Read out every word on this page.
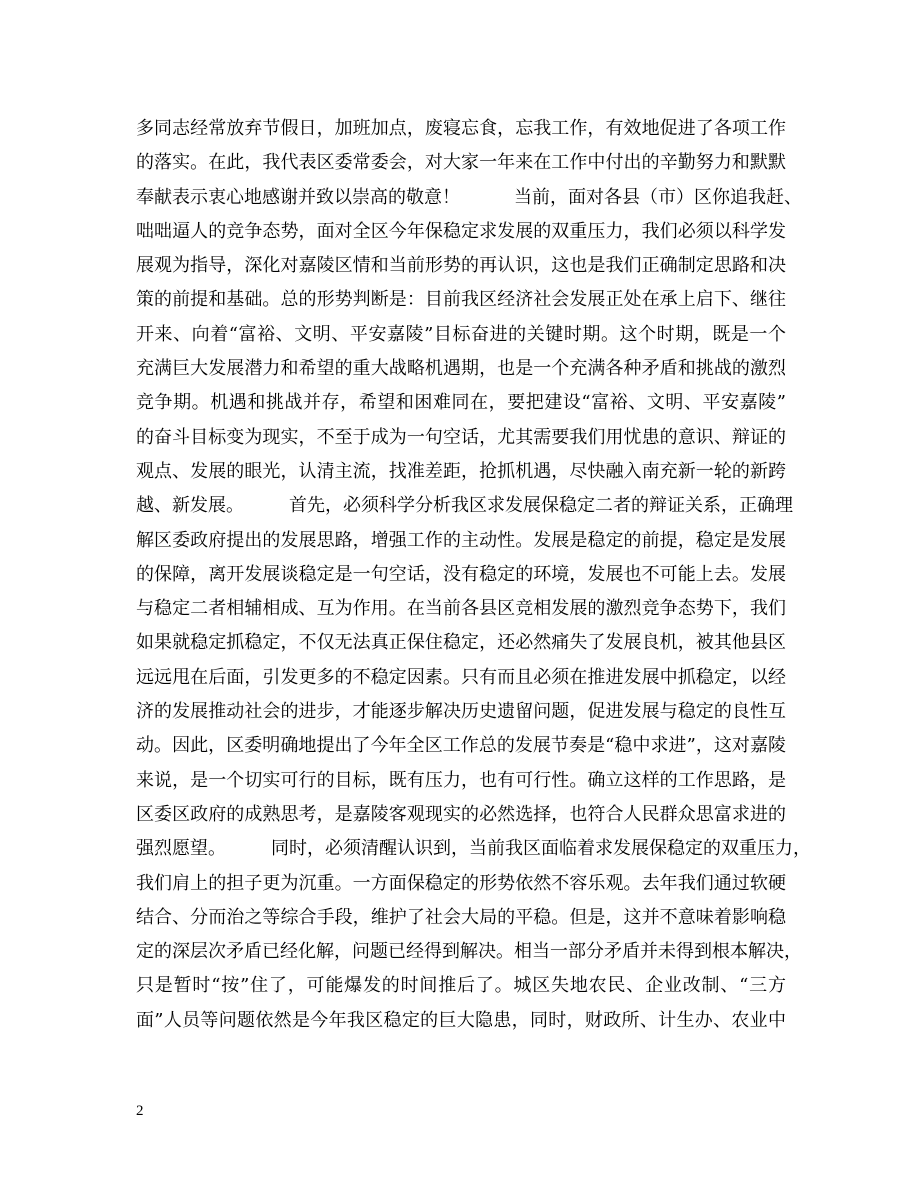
多同志经常放弃节假日，加班加点，废寝忘食，忘我工作，有效地促进了各项工作
的落实。在此，我代表区委常委会，对大家一年来在工作中付出的辛勤努力和默默
奉献表示衷心地感谢并致以崇高的敬意！　　　当前，面对各县（市）区你追我赶、
咄咄逼人的竞争态势，面对全区今年保稳定求发展的双重压力，我们必须以科学发
展观为指导，深化对嘉陵区情和当前形势的再认识，这也是我们正确制定思路和决
策的前提和基础。总的形势判断是：目前我区经济社会发展正处在承上启下、继往
开来、向着“富裕、文明、平安嘉陵”目标奋进的关键时期。这个时期，既是一个
充满巨大发展潜力和希望的重大战略机遇期，也是一个充满各种矛盾和挑战的激烈
竞争期。机遇和挑战并存，希望和困难同在，要把建设“富裕、文明、平安嘉陵”
的奋斗目标变为现实，不至于成为一句空话，尤其需要我们用忧患的意识、辩证的
观点、发展的眼光，认清主流，找准差距，抢抓机遇，尽快融入南充新一轮的新跨
越、新发展。　　　首先，必须科学分析我区求发展保稳定二者的辩证关系，正确理
解区委政府提出的发展思路，增强工作的主动性。发展是稳定的前提，稳定是发展
的保障，离开发展谈稳定是一句空话，没有稳定的环境，发展也不可能上去。发展
与稳定二者相辅相成、互为作用。在当前各县区竞相发展的激烈竞争态势下，我们
如果就稳定抓稳定，不仅无法真正保住稳定，还必然痛失了发展良机，被其他县区
远远甩在后面，引发更多的不稳定因素。只有而且必须在推进发展中抓稳定，以经
济的发展推动社会的进步，才能逐步解决历史遗留问题，促进发展与稳定的良性互
动。因此，区委明确地提出了今年全区工作总的发展节奏是“稳中求进”，这对嘉陵
来说，是一个切实可行的目标，既有压力，也有可行性。确立这样的工作思路，是
区委区政府的成熟思考，是嘉陵客观现实的必然选择，也符合人民群众思富求进的
强烈愿望。　　　同时，必须清醒认识到，当前我区面临着求发展保稳定的双重压力，
我们肩上的担子更为沉重。一方面保稳定的形势依然不容乐观。去年我们通过软硬
结合、分而治之等综合手段，维护了社会大局的平稳。但是，这并不意味着影响稳
定的深层次矛盾已经化解，问题已经得到解决。相当一部分矛盾并未得到根本解决，
只是暂时“按”住了，可能爆发的时间推后了。城区失地农民、企业改制、“三方
面”人员等问题依然是今年我区稳定的巨大隐患，同时，财政所、计生办、农业中
2
